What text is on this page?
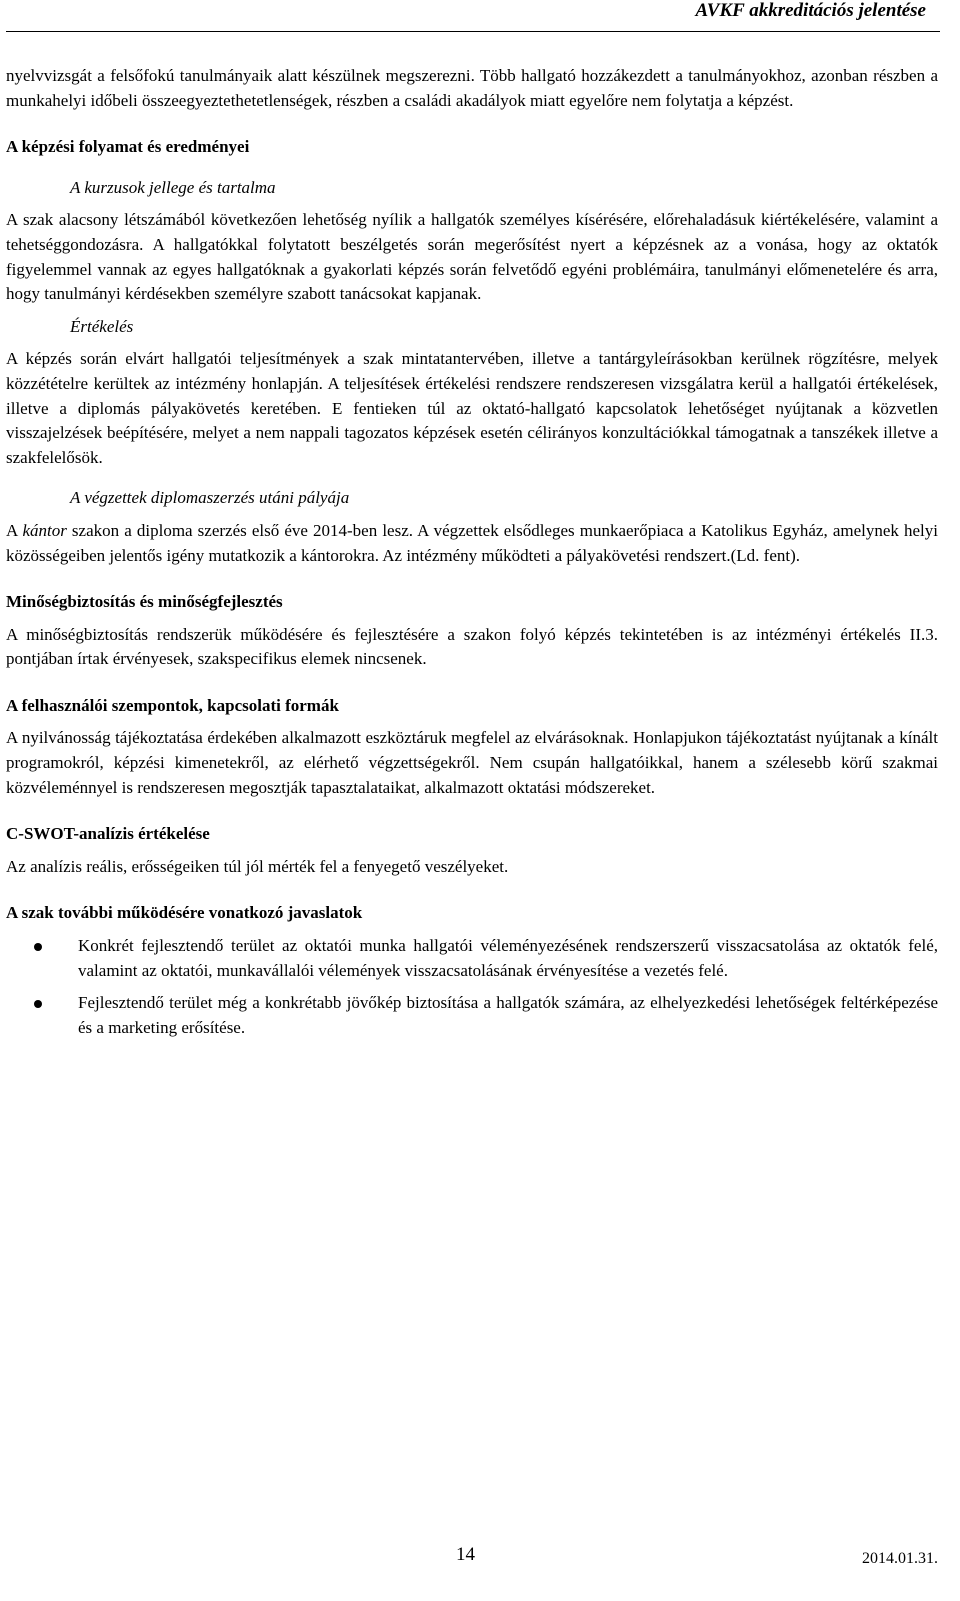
AVKF akkreditációs jelentése

nyelvvizsgát a felsőfokú tanulmányaik alatt készülnek megszerezni. Több hallgató hozzákezdett a tanulmányokhoz, azonban részben a munkahelyi időbeli összeegyeztethetetlenségek, részben a családi akadályok miatt egyelőre nem folytatja a képzést.

A képzési folyamat és eredményei
A kurzusok jellege és tartalma

A szak alacsony létszámából következően lehetőség nyílik a hallgatók személyes kísérésére, előrehaladásuk kiértékelésére, valamint a tehetséggondozásra. A hallgatókkal folytatott beszélgetés során megerősítést nyert a képzésnek az a vonása, hogy az oktatók figyelemmel vannak az egyes hallgatóknak a gyakorlati képzés során felvetődő egyéni problémáira, tanulmányi előmenetelére és arra, hogy tanulmányi kérdésekben személyre szabott tanácsokat kapjanak.

Értékelés

A képzés során elvárt hallgatói teljesítmények a szak mintatantervében, illetve a tantárgyleírásokban kerülnek rögzítésre, melyek közzétételre kerültek az intézmény honlapján. A teljesítések értékelési rendszere rendszeresen vizsgálatra kerül a hallgatói értékelések, illetve a diplomás pályakövetés keretében. E fentieken túl az oktató-hallgató kapcsolatok lehetőséget nyújtanak a közvetlen visszajelzések beépítésére, melyet a nem nappali tagozatos képzések esetén célirányos konzultációkkal támogatnak a tanszékek illetve a szakfelelősök.

A végzettek diplomaszerzés utáni pályája

A kántor szakon a diploma szerzés első éve 2014-ben lesz. A végzettek elsődleges munkaerőpiaca a Katolikus Egyház, amelynek helyi közösségeiben jelentős igény mutatkozik a kántorokra. Az intézmény működteti a pályakövetési rendszert.(Ld. fent).

Minőségbiztosítás és minőségfejlesztés

A minőségbiztosítás rendszerük működésére és fejlesztésére a szakon folyó képzés tekintetében is az intézményi értékelés II.3. pontjában írtak érvényesek, szakspecifikus elemek nincsenek.

A felhasználói szempontok, kapcsolati formák

A nyilvánosság tájékoztatása érdekében alkalmazott eszköztáruk megfelel az elvárásoknak. Honlapjukon tájékoztatást nyújtanak a kínált programokról, képzési kimenetekről, az elérhető végzettségekről. Nem csupán hallgatóikkal, hanem a szélesebb körű szakmai közvéleménnyel is rendszeresen megosztják tapasztalataikat, alkalmazott oktatási módszereket.

C-SWOT-analízis értékelése

Az analízis reális, erősségeiken túl jól mérték fel a fenyegető veszélyeket.

A szak további működésére vonatkozó javaslatok
Konkrét fejlesztendő terület az oktatói munka hallgatói véleményezésének rendszerszerű visszacsatolása az oktatók felé, valamint az oktatói, munkavállalói vélemények visszacsatolásának érvényesítése a vezetés felé.
Fejlesztendő terület még a konkrétabb jövőkép biztosítása a hallgatók számára, az elhelyezkedési lehetőségek feltérképezése és a marketing erősítése.
14	2014.01.31.
